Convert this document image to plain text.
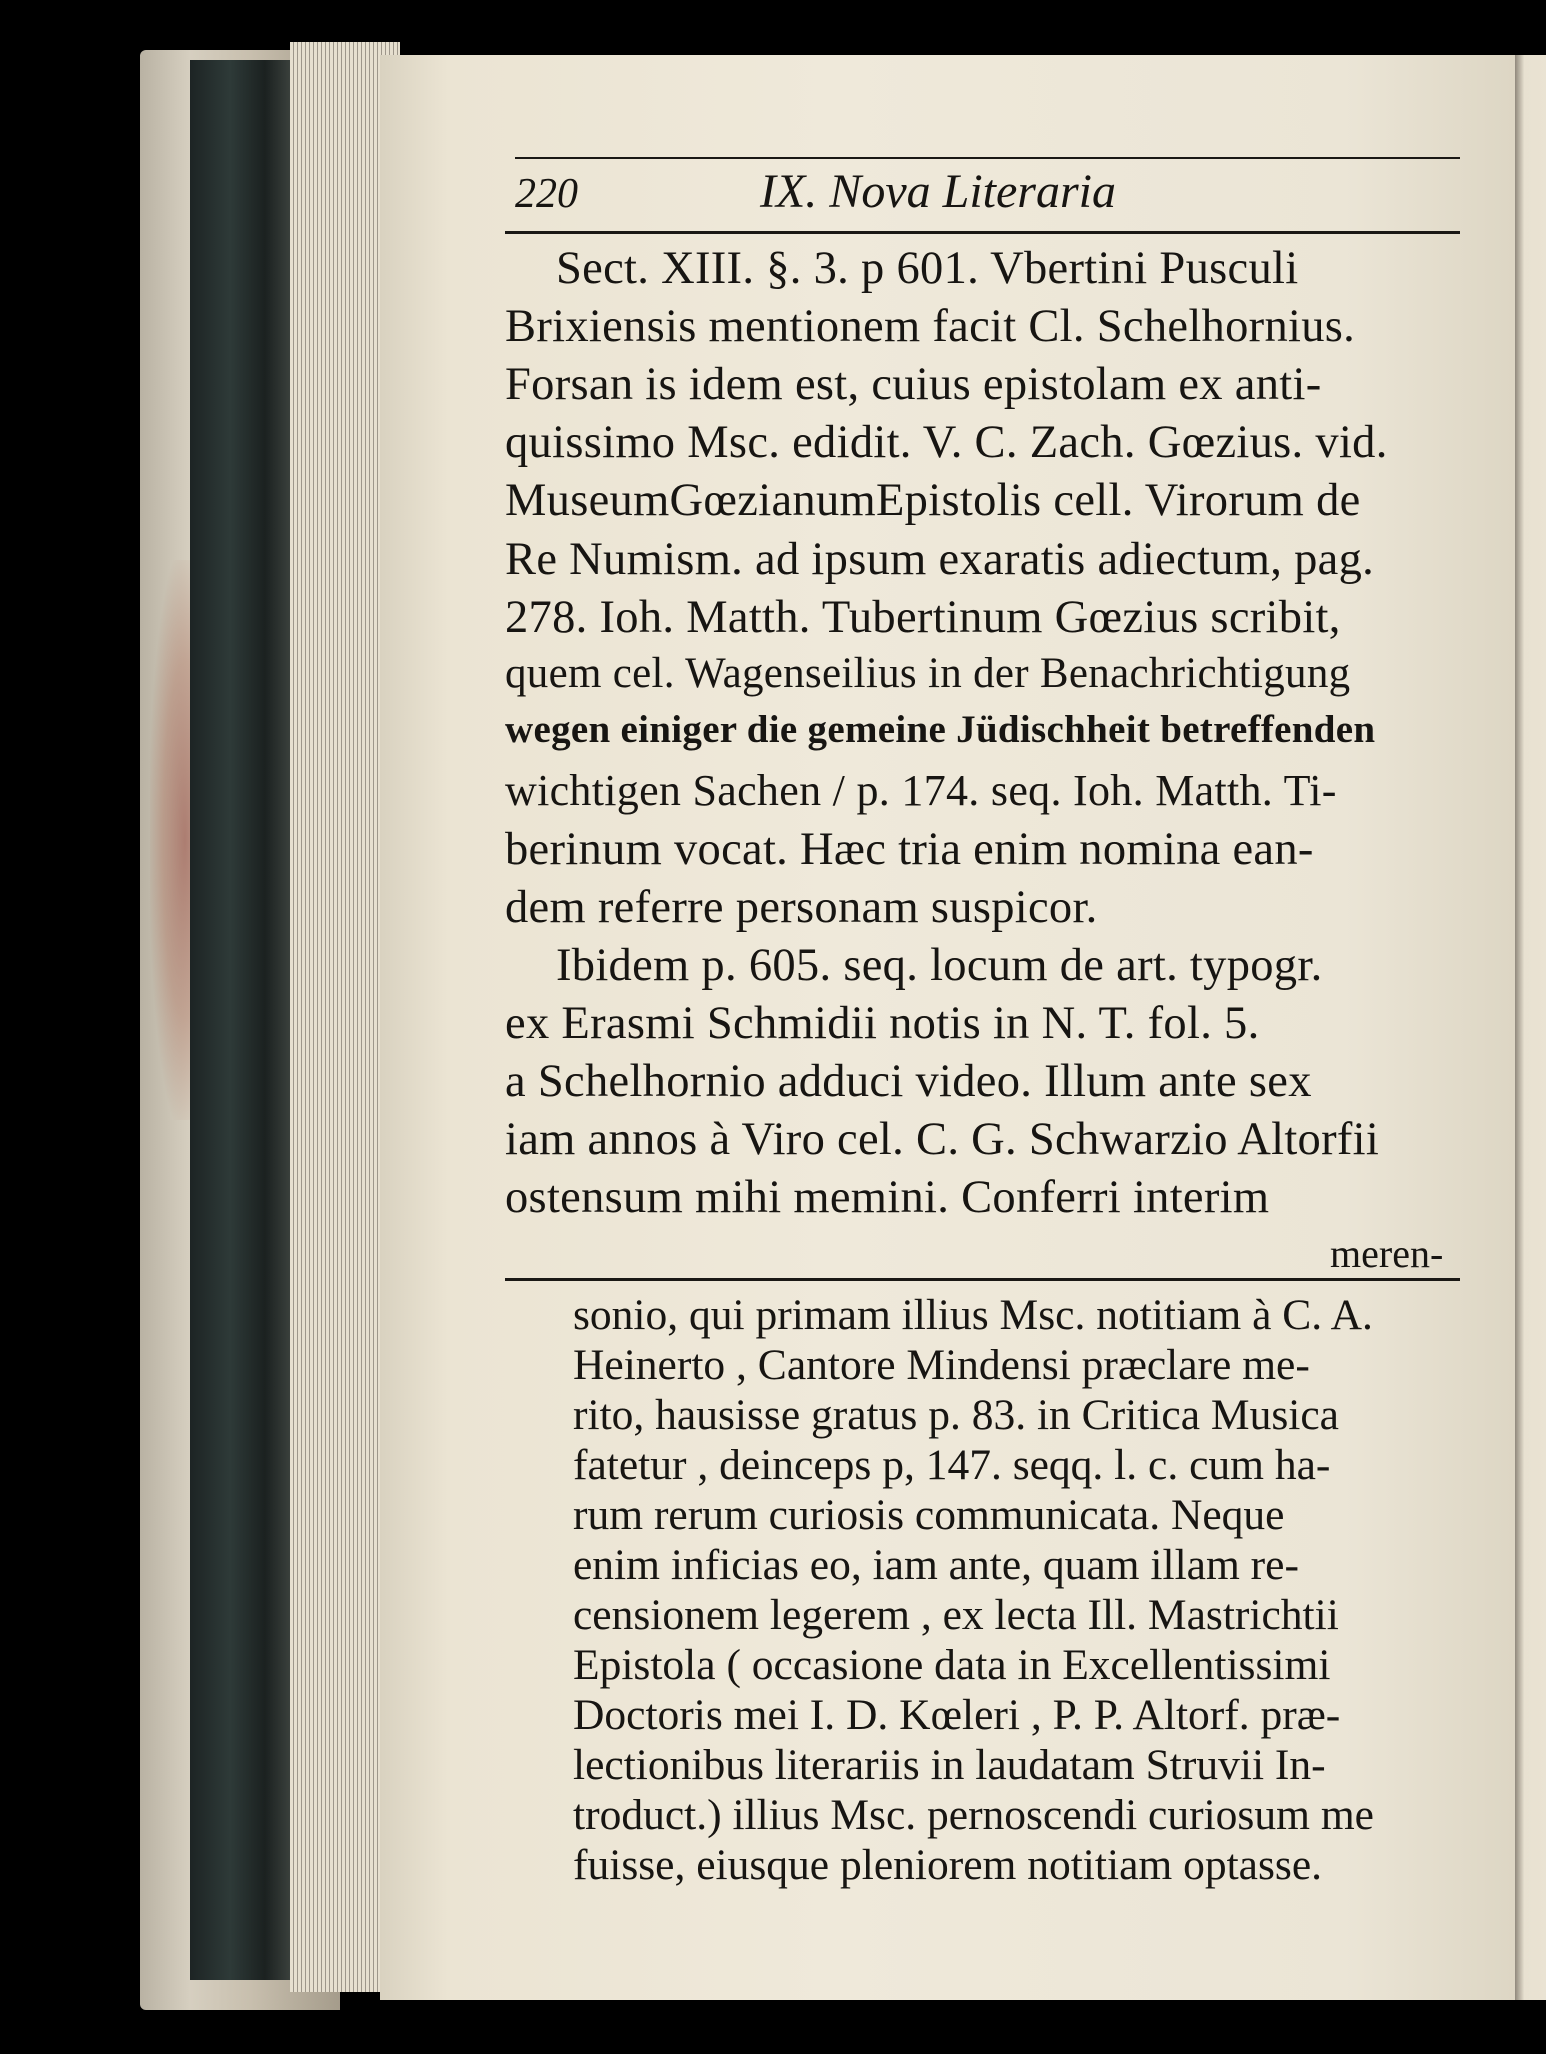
220	IX. Nova Literaria
Sect. XIII. §. 3. p 601. Vbertini Pusculi
Brixiensis mentionem facit Cl. Schelhornius.
Forsan is idem est, cuius epistolam ex anti-
quissimo Msc. edidit. V. C. Zach. Gœzius. vid.
MuseumGœzianumEpistolis cell. Virorum de
Re Numism. ad ipsum exaratis adiectum, pag.
278. Ioh. Matth. Tubertinum Gœzius scribit,
quem cel. Wagenseilius in der Benachrichtigung
wegen einiger die gemeine Jüdischheit betreffenden
wichtigen Sachen / p. 174. seq. Ioh. Matth. Ti-
berinum vocat. Hæc tria enim nomina ean-
dem referre personam suspicor.
Ibidem p. 605. seq. locum de art. typogr.
ex Erasmi Schmidii notis in N. T. fol. 5.
a Schelhornio adduci video. Illum ante sex
iam annos à Viro cel. C. G. Schwarzio Altorfii
ostensum mihi memini. Conferri interim
meren-
sonio, qui primam illius Msc. notitiam à C. A.
Heinerto , Cantore Mindensi præclare me-
rito, hausisse gratus p. 83. in Critica Musica
fatetur , deinceps p, 147. seqq. l. c. cum ha-
rum rerum curiosis communicata. Neque
enim inficias eo, iam ante, quam illam re-
censionem legerem , ex lecta Ill. Mastrichtii
Epistola ( occasione data in Excellentissimi
Doctoris mei I. D. Kœleri , P. P. Altorf. præ-
lectionibus literariis in laudatam Struvii In-
troduct.) illius Msc. pernoscendi curiosum me
fuisse, eiusque pleniorem notitiam optasse.
